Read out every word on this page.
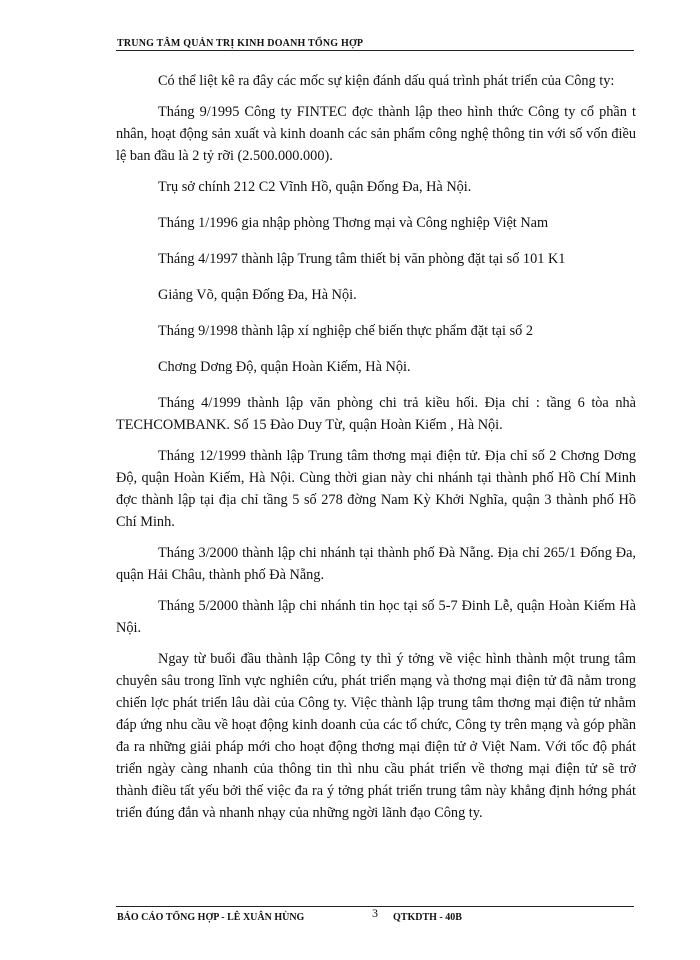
TRUNG TÂM QUẢN TRỊ KINH DOANH TỔNG HỢP

Có thể liệt kê ra đây các mốc sự kiện đánh dấu quá trình phát triển của Công ty:

Tháng 9/1995 Công ty FINTEC đợc thành lập theo hình thức Công ty cổ phần t nhân, hoạt động sản xuất và kinh doanh các sản phẩm công nghệ thông tin với số vốn điều lệ ban đầu là 2 tỷ rỡi (2.500.000.000).

Trụ sở chính 212 C2 Vĩnh Hồ, quận Đống Đa, Hà Nội.

Tháng 1/1996 gia nhập phòng Thơng mại và Công nghiệp Việt Nam

Tháng 4/1997 thành lập Trung tâm thiết bị văn phòng đặt tại số 101 K1

Giảng Võ, quận Đống Đa, Hà Nội.

Tháng 9/1998 thành lập xí nghiệp chế biến thực phẩm đặt tại số 2

Chơng Dơng Độ, quận Hoàn Kiếm, Hà Nội.

Tháng 4/1999 thành lập văn phòng chi trả kiều hối. Địa chỉ : tầng 6 tòa nhà TECHCOMBANK. Số 15 Đào Duy Từ, quận Hoàn Kiếm , Hà Nội.

Tháng 12/1999 thành lập Trung tâm thơng mại điện tử. Địa chỉ số 2 Chơng Dơng Độ, quận Hoàn Kiếm, Hà Nội. Cùng thời gian này chi nhánh tại thành phố Hồ Chí Minh đợc thành lập tại địa chỉ tầng 5 số 278 đờng Nam Kỳ Khởi Nghĩa, quận 3 thành phố Hồ Chí Minh.

Tháng 3/2000 thành lập chi nhánh tại thành phố Đà Nẵng. Địa chỉ 265/1 Đống Đa, quận Hải Châu, thành phố Đà Nẵng.

Tháng 5/2000 thành lập chi nhánh tin học tại số 5-7 Đinh Lễ, quận Hoàn Kiếm Hà Nội.

Ngay từ buổi đầu thành lập Công ty thì ý tởng về việc hình thành một trung tâm chuyên sâu trong lĩnh vực nghiên cứu, phát triển mạng và thơng mại điện tử đã nằm trong chiến lợc phát triển lâu dài của Công ty. Việc thành lập trung tâm thơng mại điện tử nhằm đáp ứng nhu cầu về hoạt động kinh doanh của các tổ chức, Công ty trên mạng và góp phần đa ra những giải pháp mới cho hoạt động thơng mại điện tử ở Việt Nam. Với tốc độ phát triển ngày càng nhanh của thông tin thì nhu cầu phát triển về thơng mại điện tử sẽ trở thành điều tất yếu bởi thế việc đa ra ý tởng phát triển trung tâm này khẳng định hớng phát triển đúng đắn và nhanh nhạy của những ngời lãnh đạo Công ty.

BÁO CÁO TỔNG HỢP - LÊ XUÂN HÙNG	3 QTKDTH - 40B
